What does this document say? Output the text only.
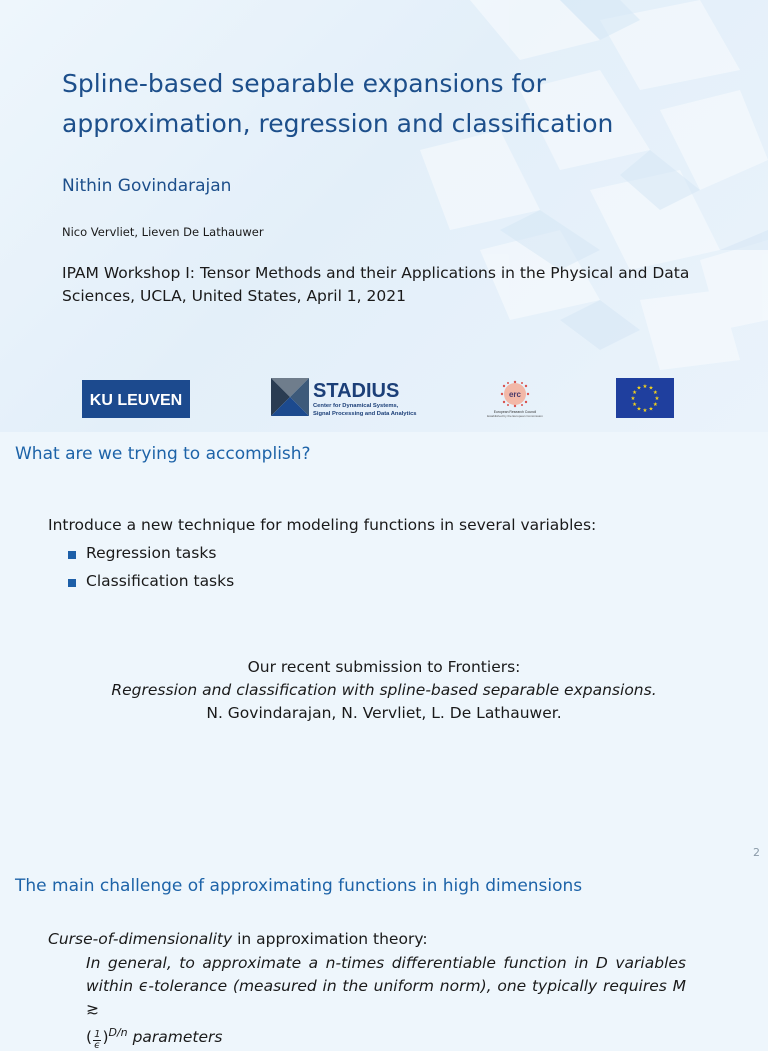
Spline-based separable expansions for approximation, regression and classification
Nithin Govindarajan
Nico Vervliet, Lieven De Lathauwer
IPAM Workshop I: Tensor Methods and their Applications in the Physical and Data Sciences, UCLA, United States, April 1, 2021
KU LEUVEN	STADIUS
Center for Dynamical Systems,
Signal Processing and Data Analytics
erc
European Research Council
Established by the European Commission
★
★
★
★
★
★
★
★
★ ★ ★
★
What are we trying to accomplish?
Introduce a new technique for modeling functions in several variables:
Regression tasks
Classification tasks
Our recent submission to Frontiers:
Regression and classification with spline-based separable expansions.
N. Govindarajan, N. Vervliet, L. De Lathauwer.
2
The main challenge of approximating functions in high dimensions
Curse-of-dimensionality in approximation theory:
In general, to approximate a n-times differentiable function in D variables within ϵ-tolerance (measured in the uniform norm), one typically requires M ≳
( $\frac{1}{\epsilon} )^{D/n}$ parameters
